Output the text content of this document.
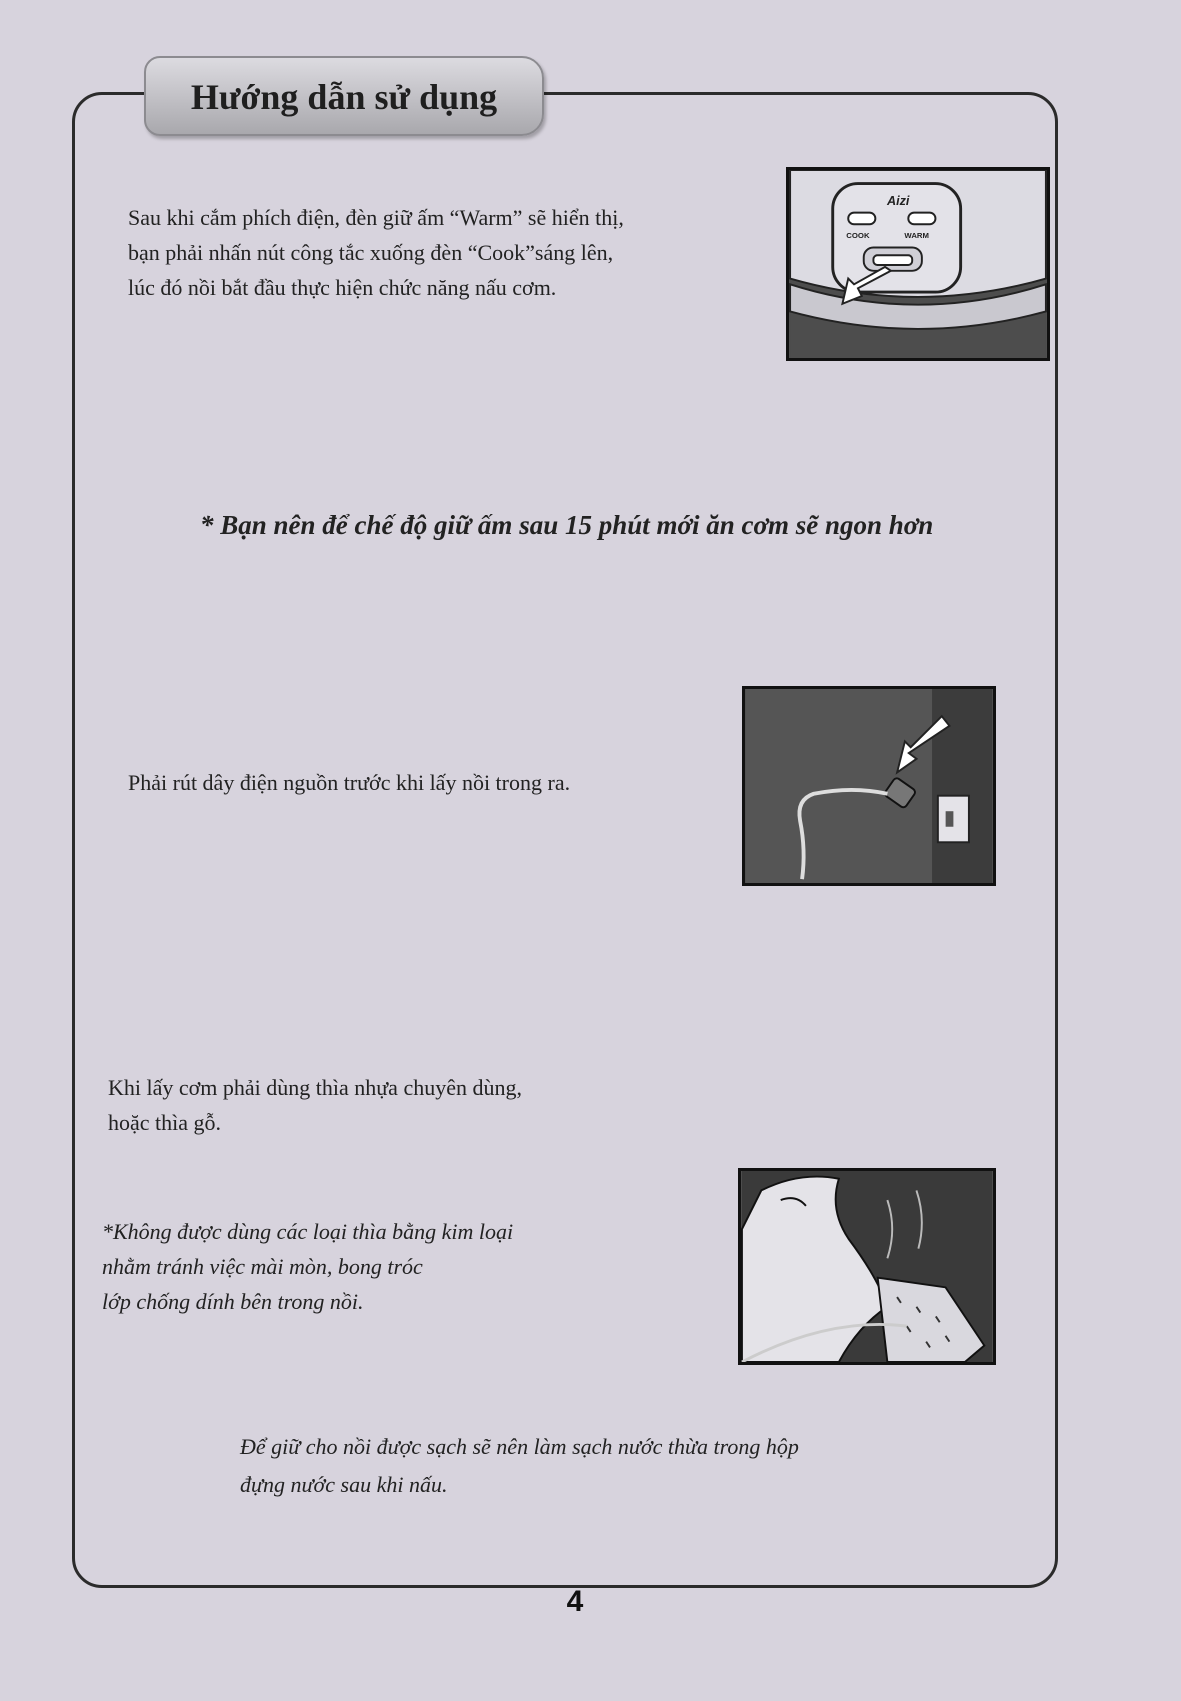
Hướng dẫn sử dụng
Sau khi cắm phích điện, đèn giữ ấm “Warm” sẽ hiển thị,
bạn phải nhấn nút công tắc xuống đèn “Cook”sáng lên,
lúc đó nồi bắt đầu thực hiện chức năng nấu cơm.
Aizi
COOK	WARM
* Bạn nên để chế độ giữ ấm sau 15 phút mới ăn cơm sẽ ngon hơn
Phải rút dây điện nguồn trước khi lấy nồi trong ra.
Khi lấy cơm phải dùng thìa nhựa chuyên dùng,
hoặc thìa gỗ.
*Không được dùng các loại thìa bằng kim loại
nhằm tránh việc mài mòn, bong tróc
lớp chống dính bên trong nồi.
Để giữ cho nồi được sạch sẽ nên làm sạch nước thừa trong hộp
đựng nước sau khi nấu.
4
